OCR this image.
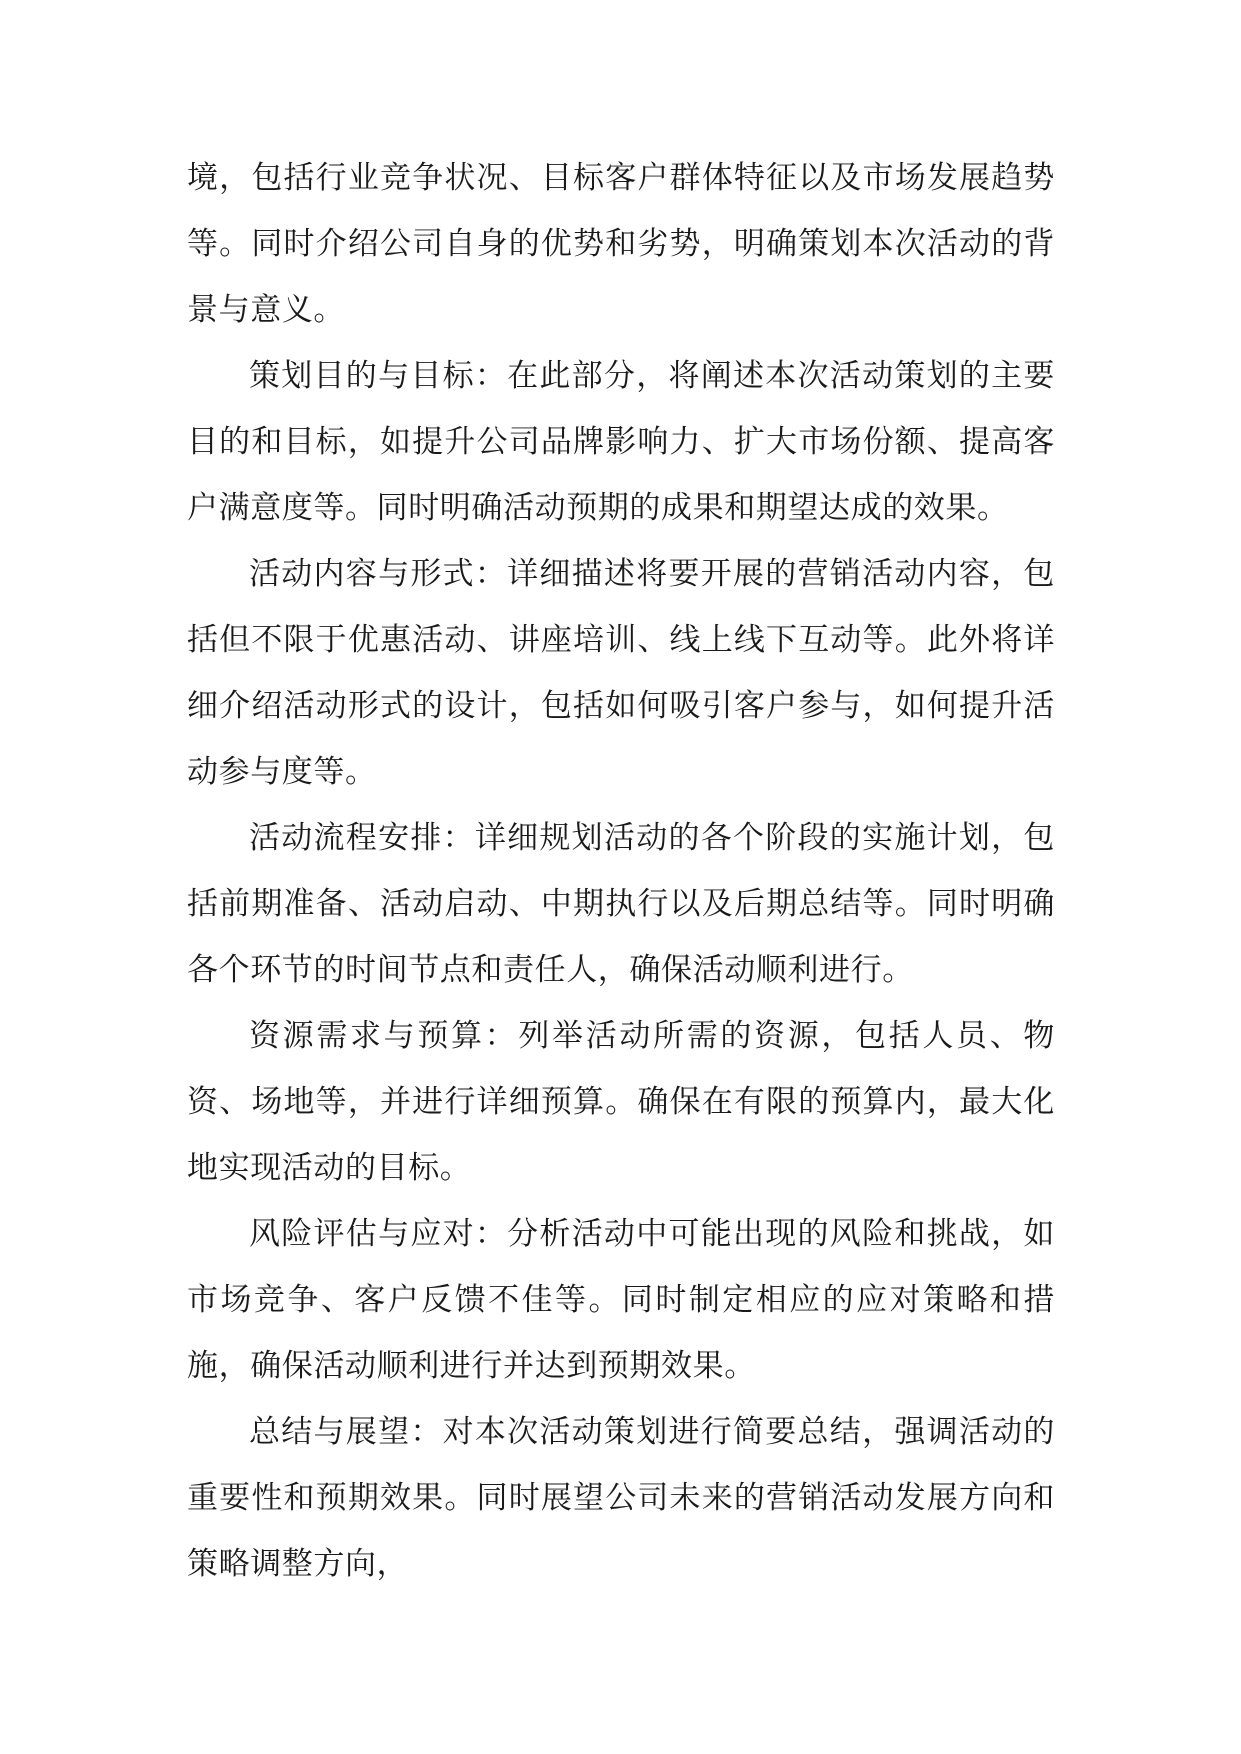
境，包括行业竞争状况、目标客户群体特征以及市场发展趋势等。同时介绍公司自身的优势和劣势，明确策划本次活动的背景与意义。

策划目的与目标：在此部分，将阐述本次活动策划的主要目的和目标，如提升公司品牌影响力、扩大市场份额、提高客户满意度等。同时明确活动预期的成果和期望达成的效果。

活动内容与形式：详细描述将要开展的营销活动内容，包括但不限于优惠活动、讲座培训、线上线下互动等。此外将详细介绍活动形式的设计，包括如何吸引客户参与，如何提升活动参与度等。

活动流程安排：详细规划活动的各个阶段的实施计划，包括前期准备、活动启动、中期执行以及后期总结等。同时明确各个环节的时间节点和责任人，确保活动顺利进行。

资源需求与预算：列举活动所需的资源，包括人员、物资、场地等，并进行详细预算。确保在有限的预算内，最大化地实现活动的目标。

风险评估与应对：分析活动中可能出现的风险和挑战，如市场竞争、客户反馈不佳等。同时制定相应的应对策略和措施，确保活动顺利进行并达到预期效果。

总结与展望：对本次活动策划进行简要总结，强调活动的重要性和预期效果。同时展望公司未来的营销活动发展方向和策略调整方向，
